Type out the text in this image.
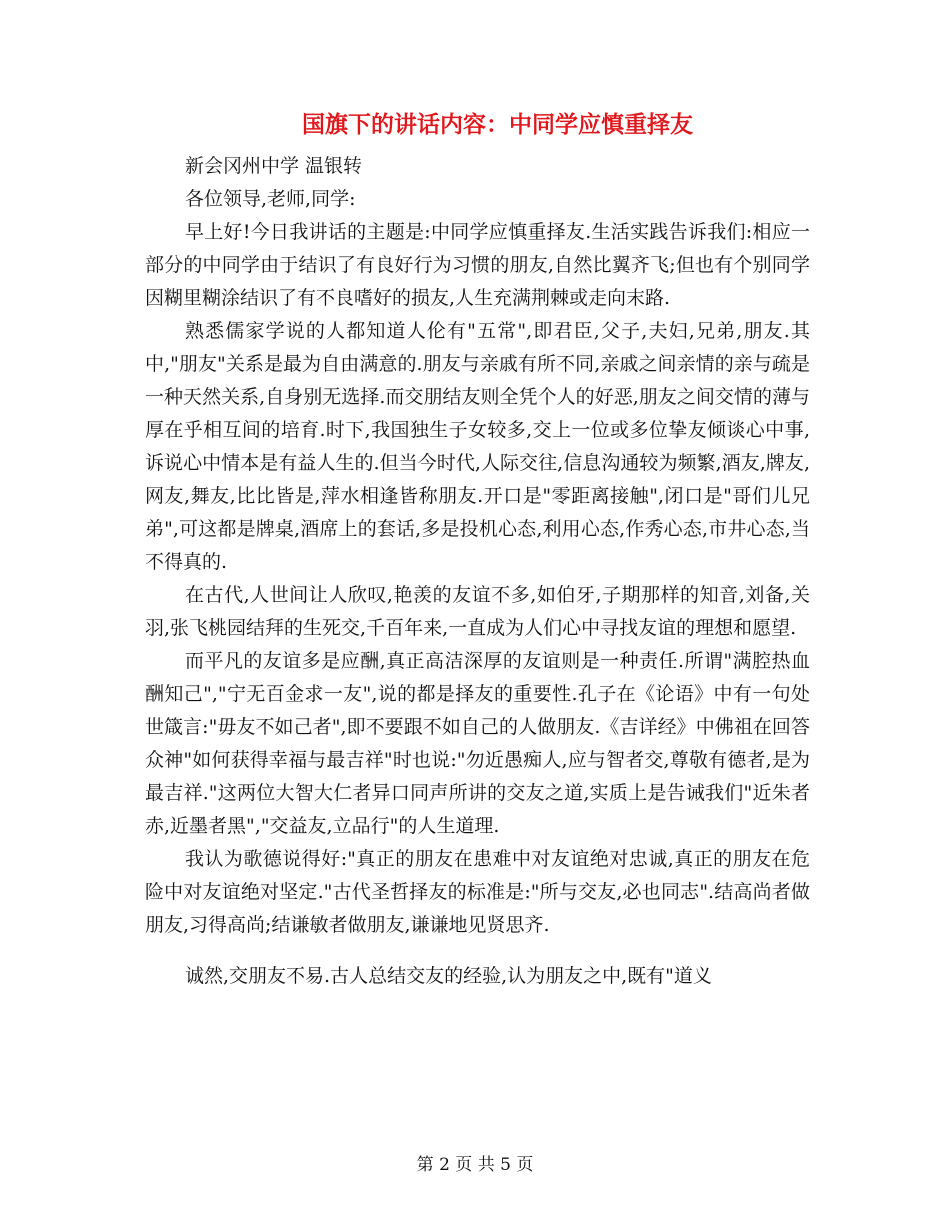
国旗下的讲话内容：中同学应慎重择友

新会冈州中学 温银转

各位领导,老师,同学:

早上好!今日我讲话的主题是:中同学应慎重择友.生活实践告诉我们:相应一部分的中同学由于结识了有良好行为习惯的朋友,自然比翼齐飞;但也有个别同学因糊里糊涂结识了有不良嗜好的损友,人生充满荆棘或走向末路.

熟悉儒家学说的人都知道人伦有"五常",即君臣,父子,夫妇,兄弟,朋友.其中,"朋友"关系是最为自由满意的.朋友与亲戚有所不同,亲戚之间亲情的亲与疏是一种天然关系,自身别无选择.而交朋结友则全凭个人的好恶,朋友之间交情的薄与厚在乎相互间的培育.时下,我国独生子女较多,交上一位或多位挚友倾谈心中事,诉说心中情本是有益人生的.但当今时代,人际交往,信息沟通较为频繁,酒友,牌友,网友,舞友,比比皆是,萍水相逢皆称朋友.开口是"零距离接触",闭口是"哥们儿兄弟",可这都是牌桌,酒席上的套话,多是投机心态,利用心态,作秀心态,市井心态,当不得真的.

在古代,人世间让人欣叹,艳羡的友谊不多,如伯牙,子期那样的知音,刘备,关羽,张飞桃园结拜的生死交,千百年来,一直成为人们心中寻找友谊的理想和愿望.

而平凡的友谊多是应酬,真正高洁深厚的友谊则是一种责任.所谓"满腔热血酬知己","宁无百金求一友",说的都是择友的重要性.孔子在《论语》中有一句处世箴言:"毋友不如己者",即不要跟不如自己的人做朋友.《吉详经》中佛祖在回答众神"如何获得幸福与最吉祥"时也说:"勿近愚痴人,应与智者交,尊敬有德者,是为最吉祥."这两位大智大仁者异口同声所讲的交友之道,实质上是告诫我们"近朱者赤,近墨者黑","交益友,立品行"的人生道理.

我认为歌德说得好:"真正的朋友在患难中对友谊绝对忠诚,真正的朋友在危险中对友谊绝对坚定."古代圣哲择友的标准是:"所与交友,必也同志".结高尚者做朋友,习得高尚;结谦敏者做朋友,谦谦地见贤思齐.

诚然,交朋友不易.古人总结交友的经验,认为朋友之中,既有"道义

第 2 页 共 5 页
